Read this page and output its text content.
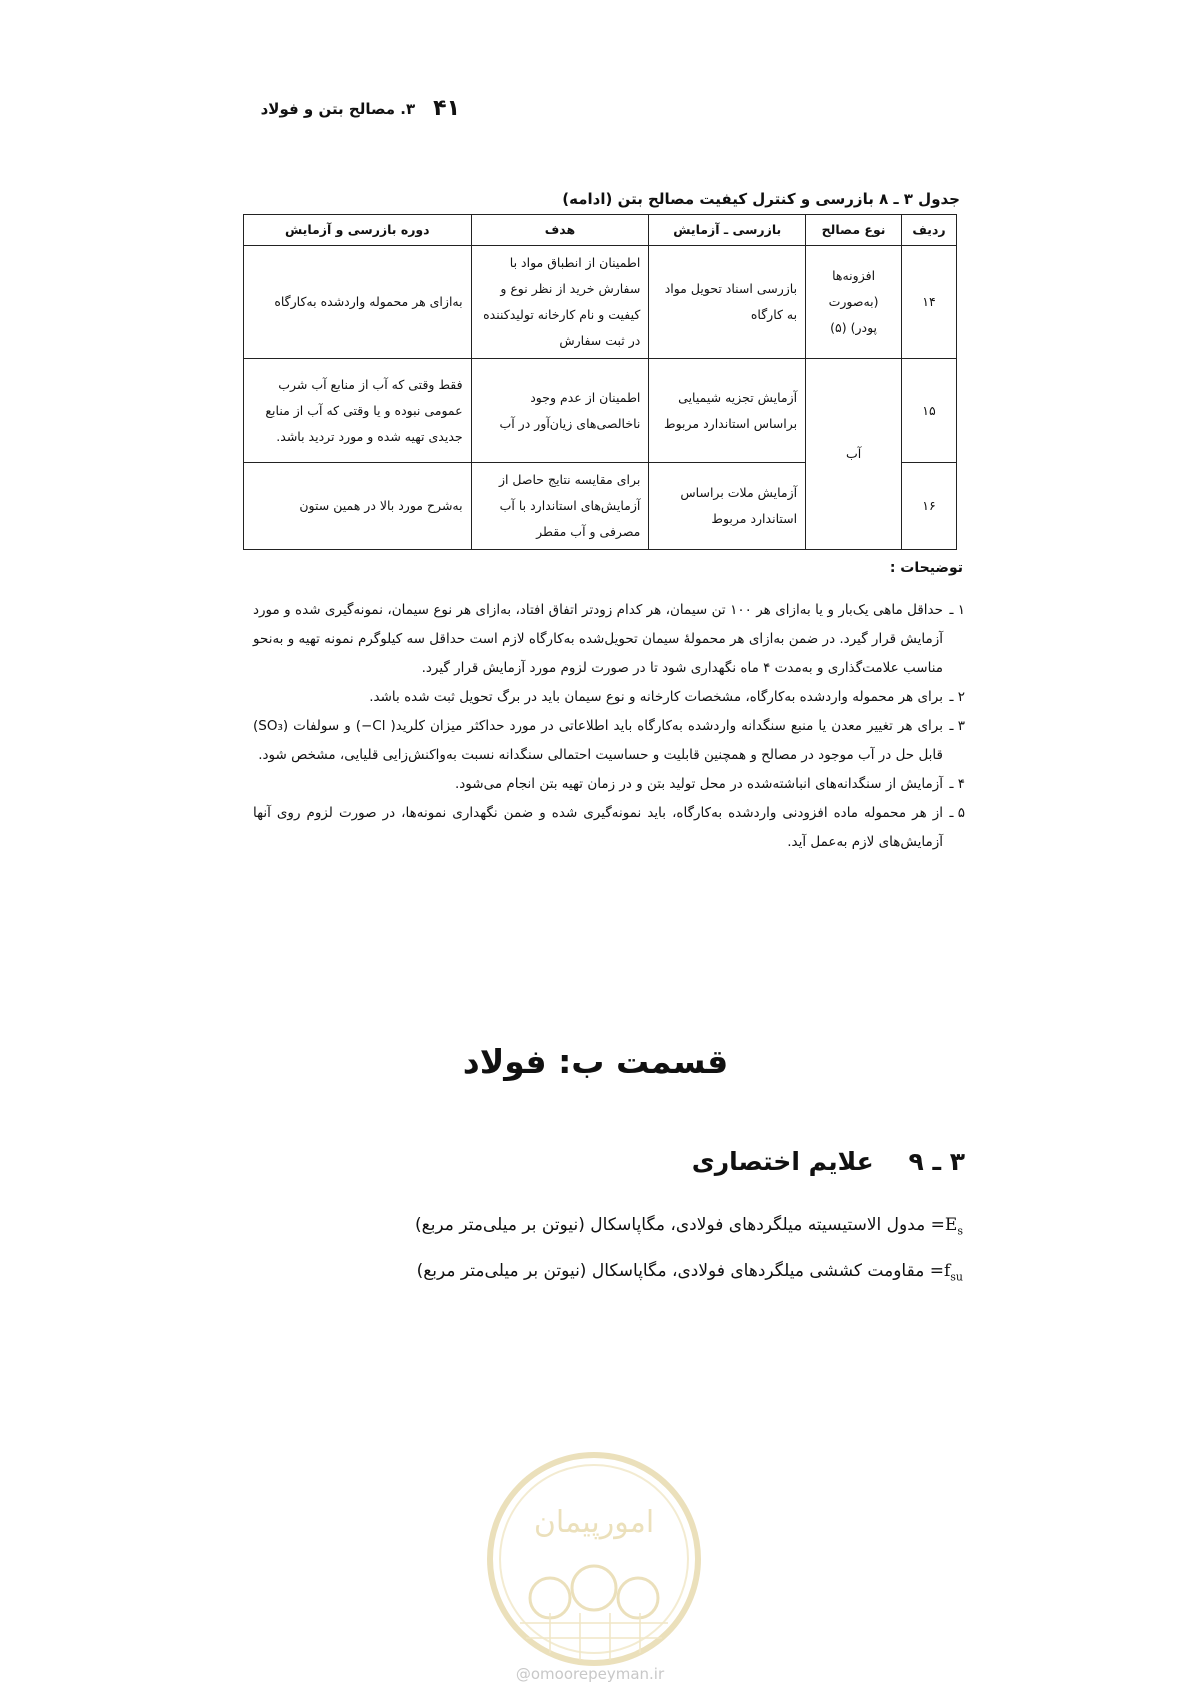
۴۱
۳. مصالح بتن و فولاد
جدول ۳ ـ ۸ بازرسی و کنترل کیفیت مصالح بتن (ادامه)
ردیف	نوع مصالح	بازرسی ـ آزمایش	هدف	دوره بازرسی و آزمایش
۱۴	افزونه‌ها (به‌صورت پودر) (۵)	بازرسی اسناد تحویل مواد به کارگاه	اطمینان از انطباق مواد با سفارش خرید از نظر نوع و کیفیت و نام کارخانه تولیدکننده در ثبت سفارش	به‌ازای هر محموله وارد‌شده به‌کارگاه
۱۵	آب	آزمایش تجزیه شیمیایی براساس استاندارد مربوط	اطمینان از عدم وجود ناخالصی‌های زیان‌آور در آب	فقط وقتی که آب از منابع آب شرب عمومی نبوده و یا وقتی که آب از منابع جدیدی تهیه شده و مورد تردید باشد.
۱۶		آزمایش ملات براساس استاندارد مربوط	برای مقایسه نتایج حاصل از آزمایش‌های استاندارد با آب مصرفی و آب مقطر	به‌شرح مورد بالا در همین ستون
توضیحات :
۱ ـ
حداقل ماهی یک‌بار و یا به‌ازای هر ۱۰۰ تن سیمان، هر کدام زودتر اتفاق افتاد، به‌ازای هر نوع سیمان، نمونه‌گیری شده و مورد آزمایش قرار گیرد. در ضمن به‌ازای هر محمولهٔ سیمان تحویل‌شده به‌کارگاه لازم است حداقل سه کیلوگرم نمونه تهیه و به‌نحو مناسب علامت‌گذاری و به‌مدت ۴ ماه نگهداری شود تا در صورت لزوم مورد آزمایش قرار گیرد.
۲ ـ
برای هر محموله وارد‌شده به‌کارگاه، مشخصات کارخانه و نوع سیمان باید در برگ تحویل ثبت شده باشد.
۳ ـ
برای هر تغییر معدن یا منبع سنگدانه وارد‌شده به‌کارگاه باید اطلاعاتی در مورد حداکثر میزان کلرید( ‎−Cl) و سولفات (SO₃) قابل حل در آب موجود در مصالح و همچنین قابلیت و حساسیت احتمالی سنگدانه نسبت به‌واکنش‌زایی قلیایی، مشخص شود.
۴ ـ
آزمایش از سنگدانه‌های انباشته‌شده در محل تولید بتن و در زمان تهیه بتن انجام می‌شود.
۵ ـ
از هر محموله ماده افزودنی وارد‌شده به‌کارگاه، باید نمونه‌گیری شده و ضمن نگهداری نمونه‌ها، در صورت لزوم روی آنها آزمایش‌های لازم به‌عمل آید.
قسمت ب: فولاد
۳ ـ ۹    علایم اختصاری
$E_s=$ مدول الاستیسیته میلگردهای فولادی، مگاپاسکال (نیوتن بر میلی‌متر مربع)
$f_{su}=$ مقاومت کششی میلگردهای فولادی، مگاپاسکال (نیوتن بر میلی‌متر مربع)
امورپیمان
@omoorepeyman.ir
